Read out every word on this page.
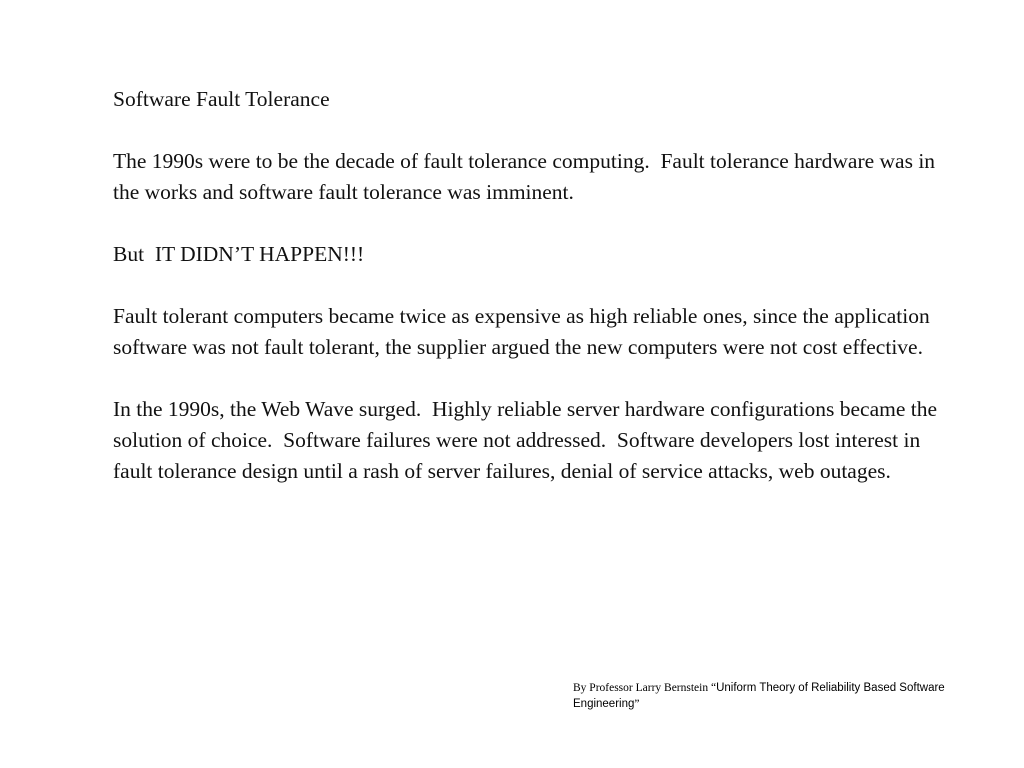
Software Fault Tolerance

The 1990s were to be the decade of fault tolerance computing.  Fault tolerance hardware was in the works and software fault tolerance was imminent.

But  IT DIDN’T HAPPEN!!!

Fault tolerant computers became twice as expensive as high reliable ones, since the application software was not fault tolerant, the supplier argued the new computers were not cost effective.

In the 1990s, the Web Wave surged.  Highly reliable server hardware configurations became the solution of choice.  Software failures were not addressed.  Software developers lost interest in fault tolerance design until a rash of server failures, denial of service attacks, web outages.

By Professor Larry Bernstein “Uniform Theory of Reliability Based Software Engineering”
